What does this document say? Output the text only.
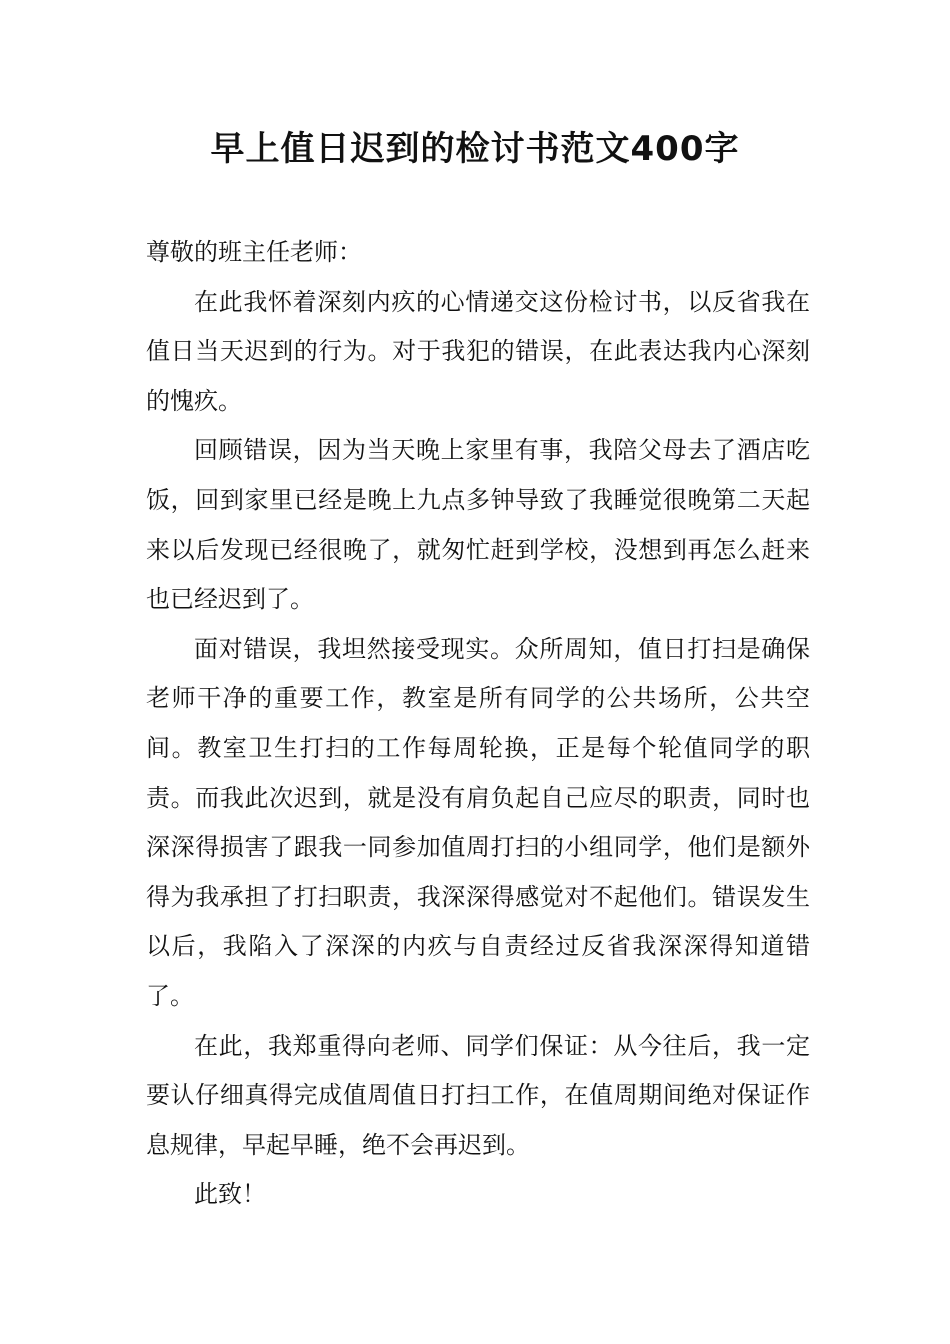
早上值日迟到的检讨书范文400字

尊敬的班主任老师：

在此我怀着深刻内疚的心情递交这份检讨书，以反省我在值日当天迟到的行为。对于我犯的错误，在此表达我内心深刻的愧疚。

回顾错误，因为当天晚上家里有事，我陪父母去了酒店吃饭，回到家里已经是晚上九点多钟导致了我睡觉很晚第二天起来以后发现已经很晚了，就匆忙赶到学校，没想到再怎么赶来也已经迟到了。

面对错误，我坦然接受现实。众所周知，值日打扫是确保老师干净的重要工作，教室是所有同学的公共场所，公共空间。教室卫生打扫的工作每周轮换，正是每个轮值同学的职责。而我此次迟到，就是没有肩负起自己应尽的职责，同时也深深得损害了跟我一同参加值周打扫的小组同学，他们是额外得为我承担了打扫职责，我深深得感觉对不起他们。错误发生以后，我陷入了深深的内疚与自责经过反省我深深得知道错了。

在此，我郑重得向老师、同学们保证：从今往后，我一定要认仔细真得完成值周值日打扫工作，在值周期间绝对保证作息规律，早起早睡，绝不会再迟到。

此致！
